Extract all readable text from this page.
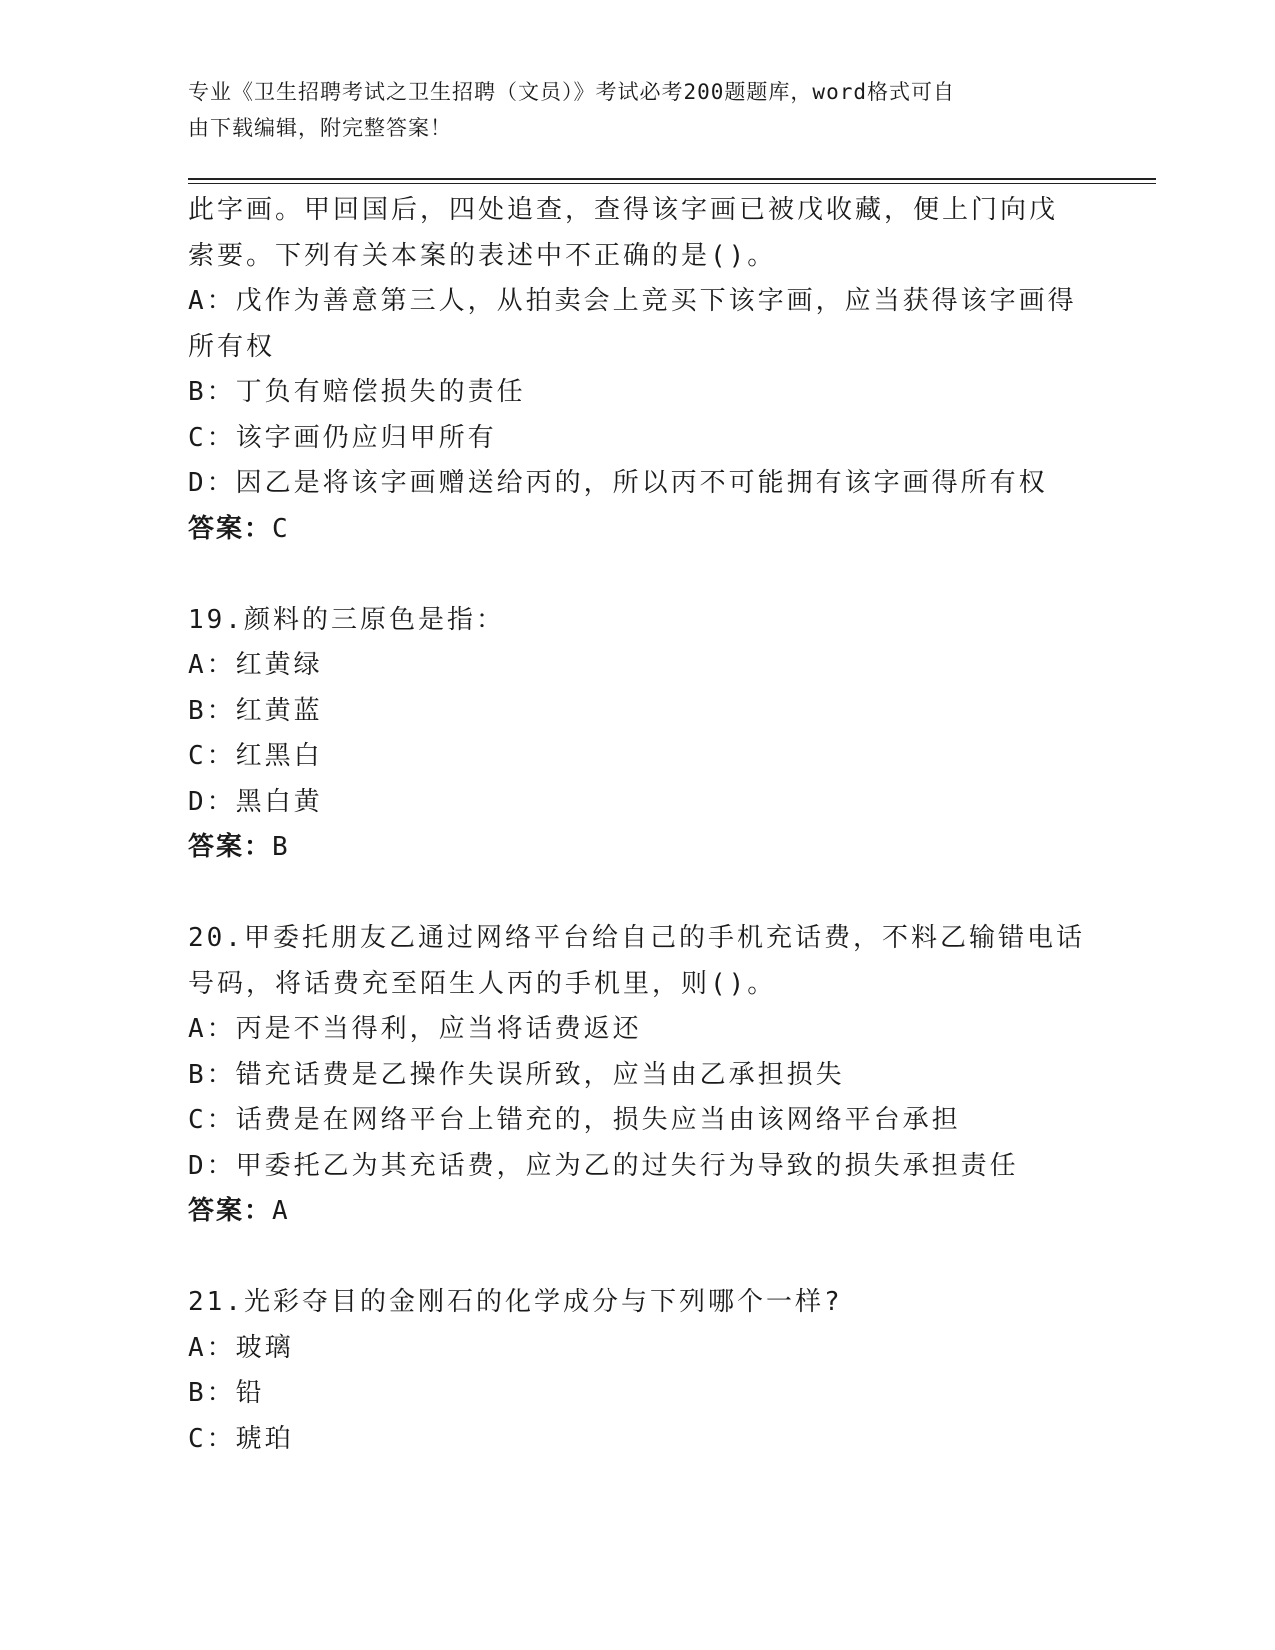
专业《卫生招聘考试之卫生招聘（文员）》考试必考200题题库，word格式可自
由下载编辑，附完整答案！
此字画。甲回国后，四处追查，查得该字画已被戊收藏，便上门向戊
索要。下列有关本案的表述中不正确的是()。
A：戊作为善意第三人，从拍卖会上竞买下该字画，应当获得该字画得
所有权
B：丁负有赔偿损失的责任
C：该字画仍应归甲所有
D：因乙是将该字画赠送给丙的，所以丙不可能拥有该字画得所有权
答案：C
19.颜料的三原色是指：
A：红黄绿
B：红黄蓝
C：红黑白
D：黑白黄
答案：B
20.甲委托朋友乙通过网络平台给自己的手机充话费，不料乙输错电话
号码，将话费充至陌生人丙的手机里，则()。
A：丙是不当得利，应当将话费返还
B：错充话费是乙操作失误所致，应当由乙承担损失
C：话费是在网络平台上错充的，损失应当由该网络平台承担
D：甲委托乙为其充话费，应为乙的过失行为导致的损失承担责任
答案：A
21.光彩夺目的金刚石的化学成分与下列哪个一样?
A：玻璃
B：铅
C：琥珀
